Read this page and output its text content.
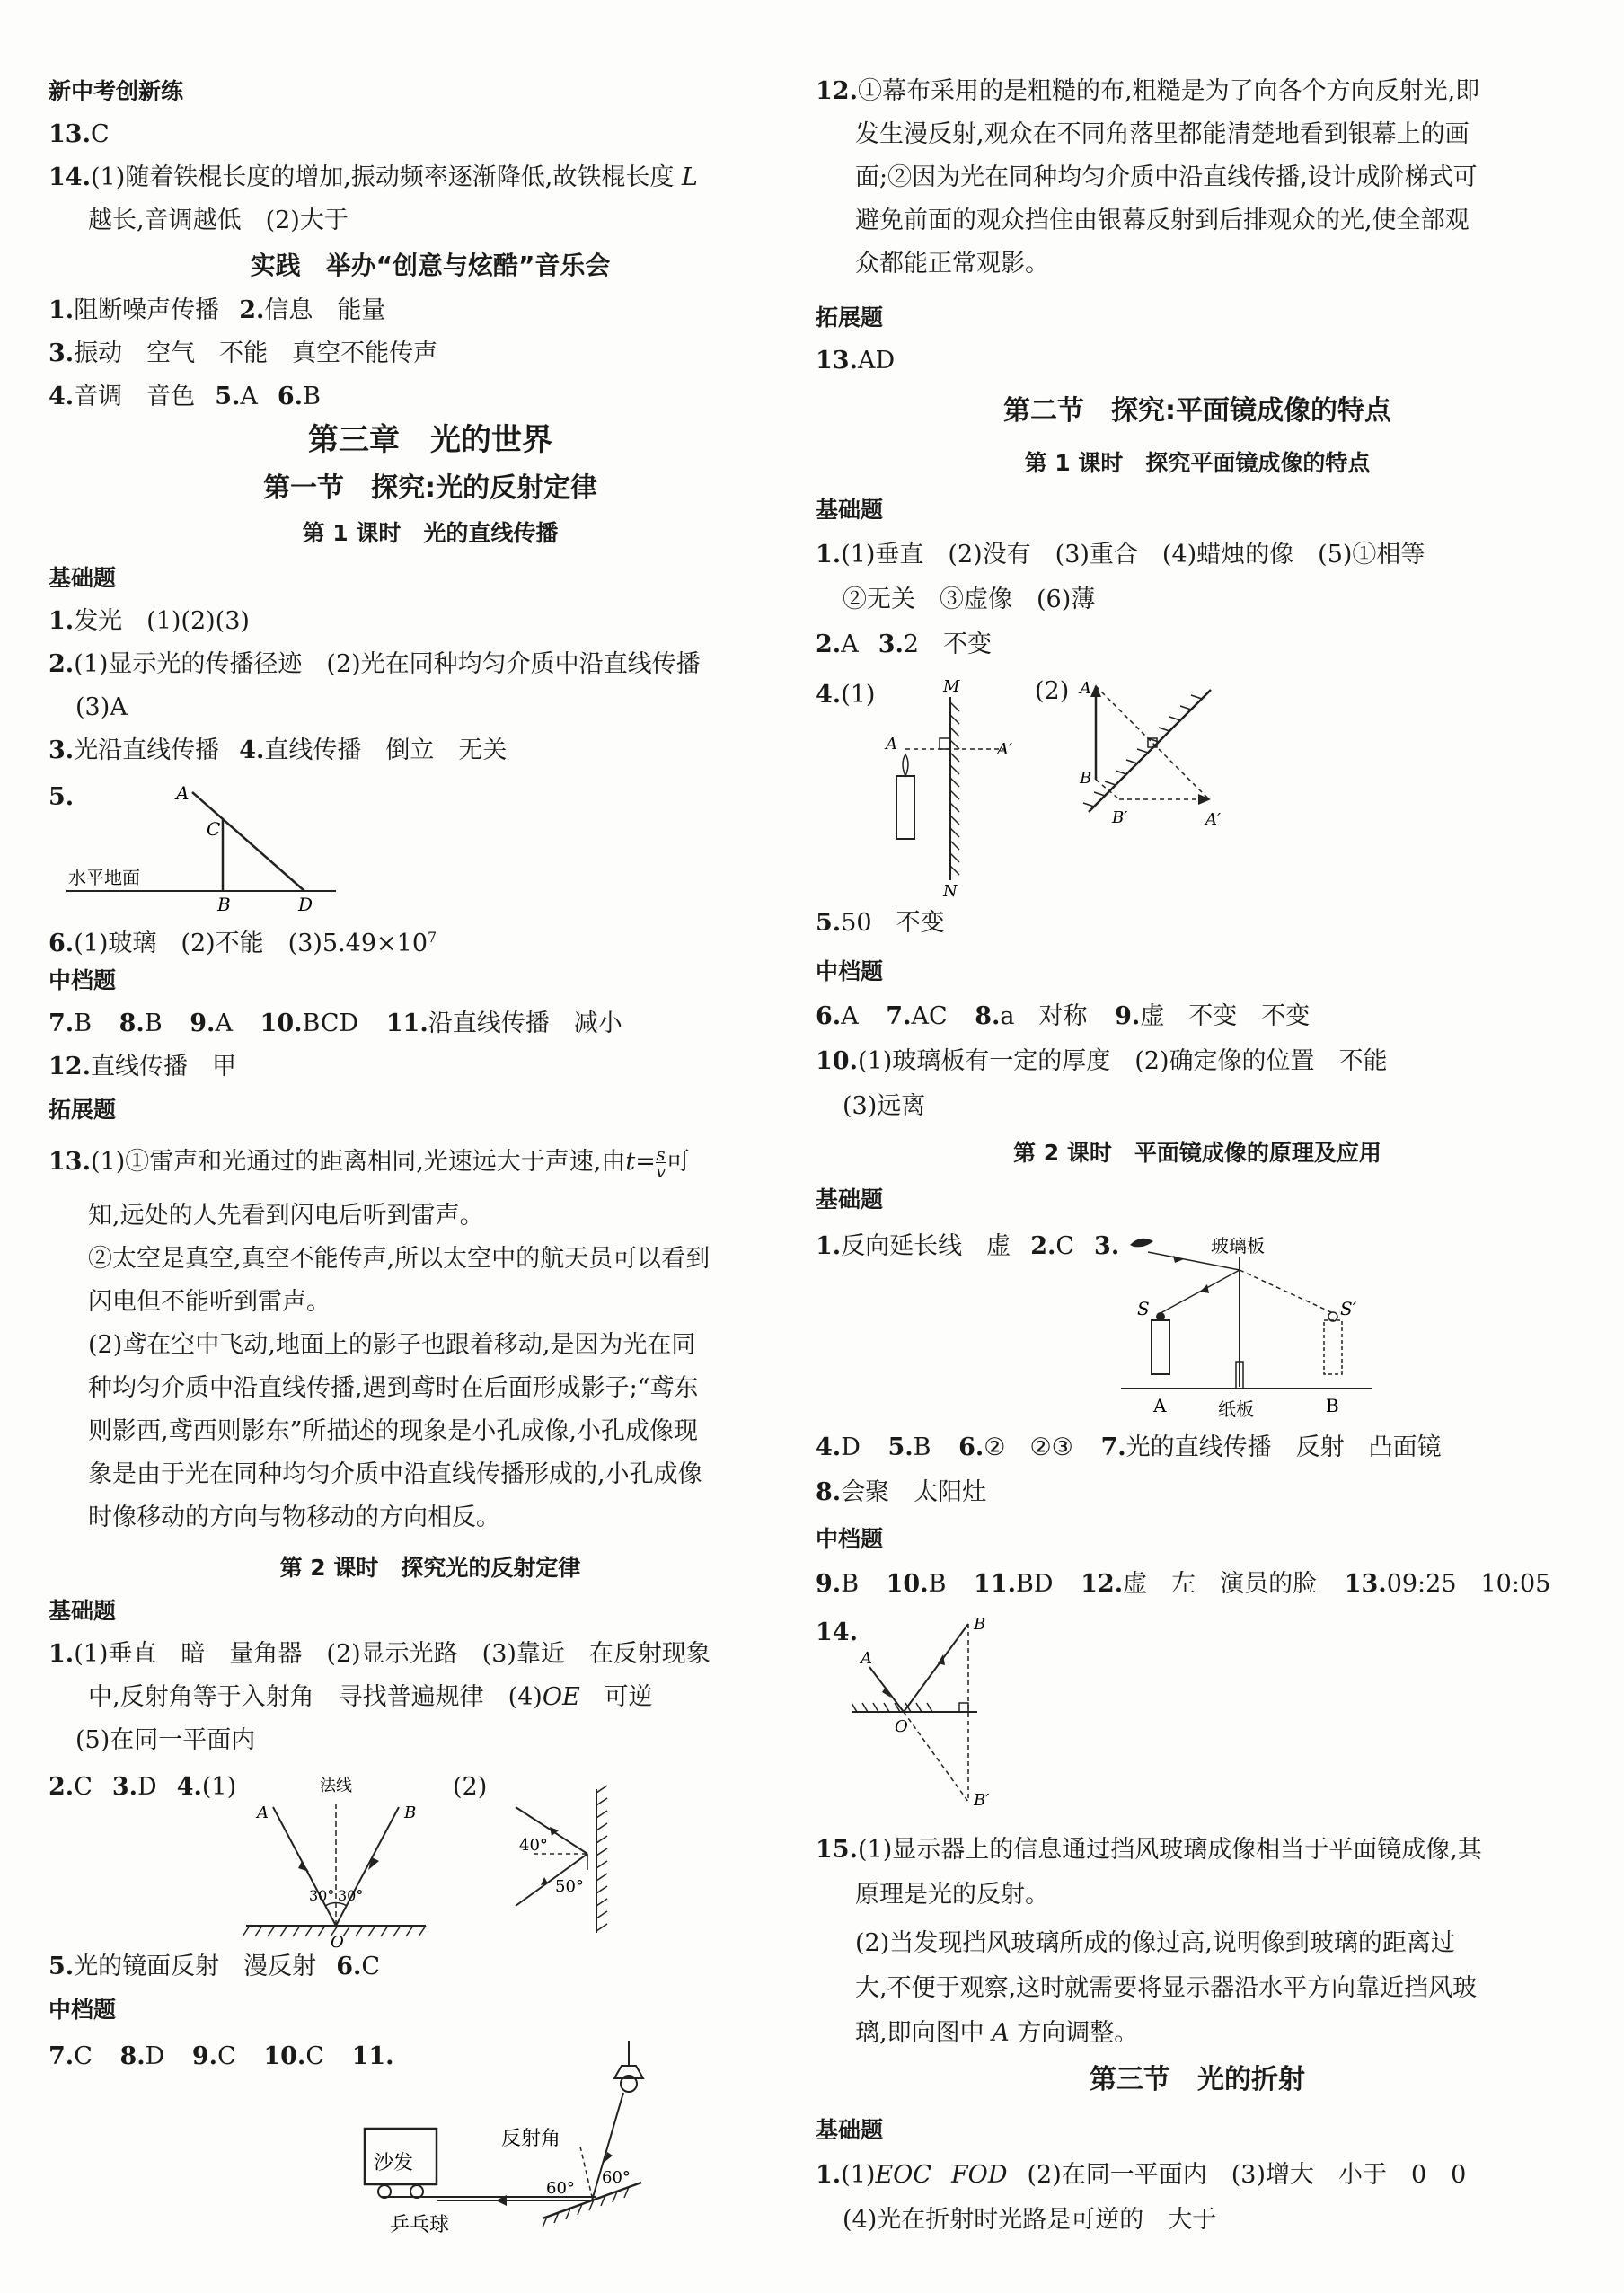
新中考创新练
13.C
14.(1)随着铁棍长度的增加,振动频率逐渐降低,故铁棍长度 L
越长,音调越低　(2)大于
实践　举办“创意与炫酷”音乐会
1.阻断噪声传播 2.信息　能量
3.振动　空气　不能　真空不能传声
4.音调　音色 5.A 6.B
第三章　光的世界
第一节　探究:光的反射定律
第 1 课时　光的直线传播
基础题
1.发光　(1)(2)(3)
2.(1)显示光的传播径迹　(2)光在同种均匀介质中沿直线传播
(3)A
3.光沿直线传播 4.直线传播　倒立　无关
5.	A
C
B	D
水平地面
6.(1)玻璃　(2)不能　$(3)5.49\times 10^7$
中档题
7.B 8.B 9.A 10.BCD 11.沿直线传播　减小
12.直线传播　甲
拓展题
13.(1)①雷声和光通过的距离相同,光速远大于声速,由$t= \frac{s}{v}$ 可
知,远处的人先看到闪电后听到雷声。
②太空是真空,真空不能传声,所以太空中的航天员可以看到
闪电但不能听到雷声。
(2)鸢在空中飞动,地面上的影子也跟着移动,是因为光在同
种均匀介质中沿直线传播,遇到鸢时在后面形成影子;“鸢东
则影西,鸢西则影东”所描述的现象是小孔成像,小孔成像现
象是由于光在同种均匀介质中沿直线传播形成的,小孔成像
时像移动的方向与物移动的方向相反。
第 2 课时　探究光的反射定律
基础题
1.(1)垂直　暗　量角器　(2)显示光路　(3)靠近　在反射现象
中,反射角等于入射角　寻找普遍规律　(4)OE　可逆
(5)在同一平面内
2.C 3.D 4.(1)	法线
A	B
O
30° 30°
(2)
40°
50°
5.光的镜面反射　漫反射 6.C
中档题
7.C 8.D 9.C 10.C 11.
沙发
反射角
60°
60°
乒乓球
12.①幕布采用的是粗糙的布,粗糙是为了向各个方向反射光,即
发生漫反射,观众在不同角落里都能清楚地看到银幕上的画
面;②因为光在同种均匀介质中沿直线传播,设计成阶梯式可
避免前面的观众挡住由银幕反射到后排观众的光,使全部观
众都能正常观影。
拓展题
13.AD
第二节　探究:平面镜成像的特点
第 1 课时　探究平面镜成像的特点
基础题
1.(1)垂直　(2)没有　(3)重合　(4)蜡烛的像　(5)①相等
②无关　③虚像　(6)薄
2.A 3.2　不变
4.(1)	M
N
A	A′
(2) A
B
B′	A′
5.50　不变
中档题
6.A 7.AC 8.a　对称 9.虚　不变　不变
10.(1)玻璃板有一定的厚度　(2)确定像的位置　不能
(3)远离
第 2 课时　平面镜成像的原理及应用
基础题
1.反向延长线　虚 2.C 3.	玻璃板
S	S′
A	纸板	B
4.D 5.B 6.②　②③ 7.光的直线传播　反射　凸面镜
8.会聚　太阳灶
中档题
9.B 10.B 11.BD 12.虚　左　演员的脸 13.09:25　10:05
14.
A
B
O
B′
15.(1)显示器上的信息通过挡风玻璃成像相当于平面镜成像,其
原理是光的反射。
(2)当发现挡风玻璃所成的像过高,说明像到玻璃的距离过
大,不便于观察,这时就需要将显示器沿水平方向靠近挡风玻
璃,即向图中 A 方向调整。
第三节　光的折射
基础题
1.(1)EOC FOD (2)在同一平面内　(3)增大　小于　0　0
(4)光在折射时光路是可逆的　大于
